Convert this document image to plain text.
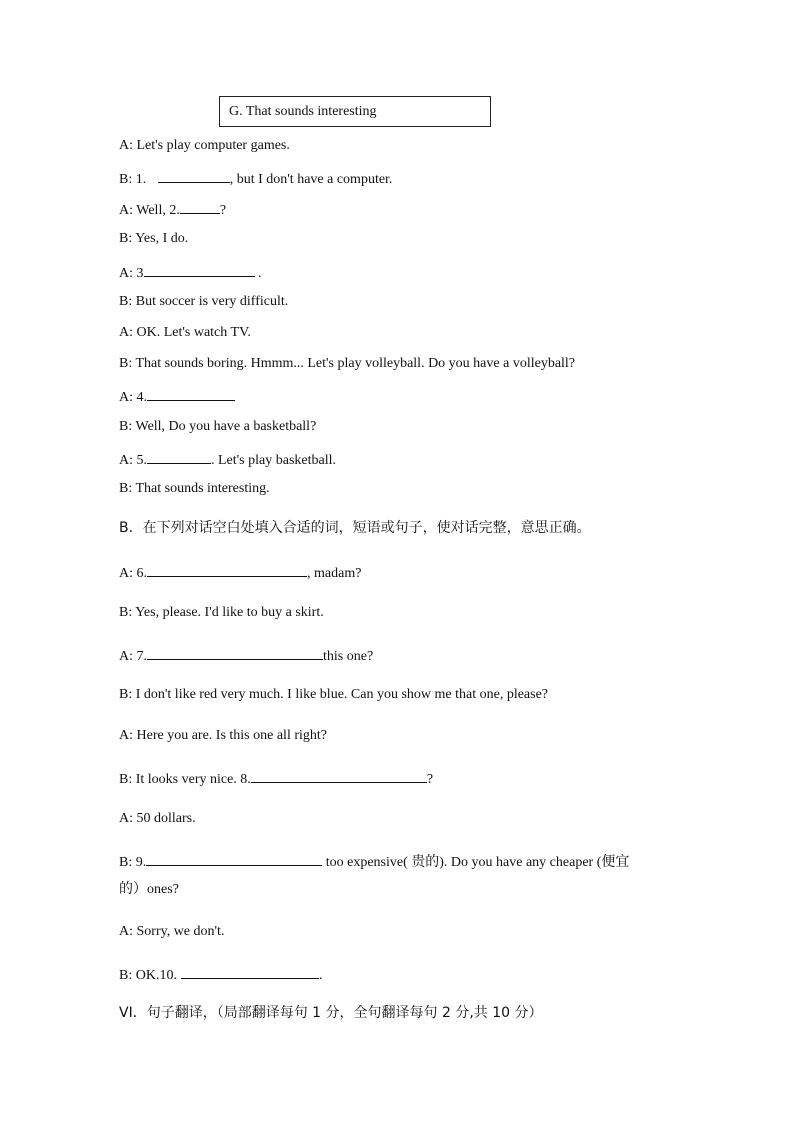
G. That sounds interesting
A: Let's play computer games.
B: 1.	, but I don't have a computer.
A: Well, 2.	?
B: Yes, I do.
A: 3	.
B: But soccer is very difficult.
A: OK. Let's watch TV.
B: That sounds boring. Hmmm... Let's play volleyball. Do you have a volleyball?
A: 4.
B: Well, Do you have a basketball?
A: 5.	. Let's play basketball.
B: That sounds interesting.
B．在下列对话空白处填入合适的词，短语或句子，使对话完整，意思正确。
A: 6.	, madam?
B: Yes, please. I'd like to buy a skirt.
A: 7.	this one?
B: I don't like red very much. I like blue. Can you show me that one, please?
A: Here you are. Is this one all right?
B: It looks very nice. 8.	?
A: 50 dollars.
B: 9.	too expensive( 贵的). Do you have any cheaper (便宜
的）ones?
A: Sorry, we don't.
B: OK.10.	.
VI．句子翻译，（局部翻译每句 1 分，全句翻译每句 2 分,共 10 分）
